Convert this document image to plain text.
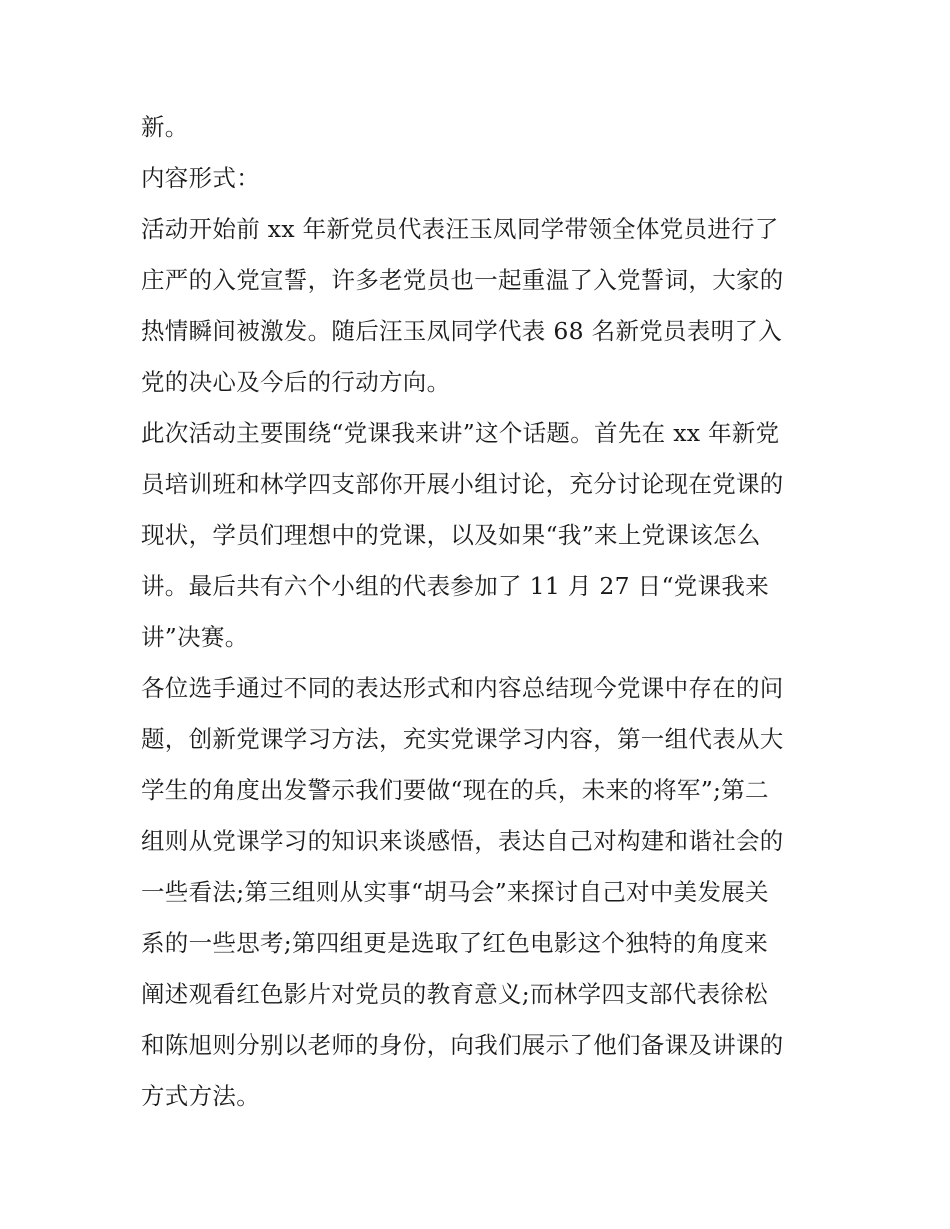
新。
内容形式：
活动开始前 xx 年新党员代表汪玉凤同学带领全体党员进行了
庄严的入党宣誓，许多老党员也一起重温了入党誓词，大家的
热情瞬间被激发。随后汪玉凤同学代表 68 名新党员表明了入
党的决心及今后的行动方向。
此次活动主要围绕“党课我来讲”这个话题。首先在 xx 年新党
员培训班和林学四支部你开展小组讨论，充分讨论现在党课的
现状，学员们理想中的党课，以及如果“我”来上党课该怎么
讲。最后共有六个小组的代表参加了 11 月 27 日“党课我来
讲”决赛。
各位选手通过不同的表达形式和内容总结现今党课中存在的问
题，创新党课学习方法，充实党课学习内容，第一组代表从大
学生的角度出发警示我们要做“现在的兵，未来的将军”;第二
组则从党课学习的知识来谈感悟，表达自己对构建和谐社会的
一些看法;第三组则从实事“胡马会”来探讨自己对中美发展关
系的一些思考;第四组更是选取了红色电影这个独特的角度来
阐述观看红色影片对党员的教育意义;而林学四支部代表徐松
和陈旭则分别以老师的身份，向我们展示了他们备课及讲课的
方式方法。
